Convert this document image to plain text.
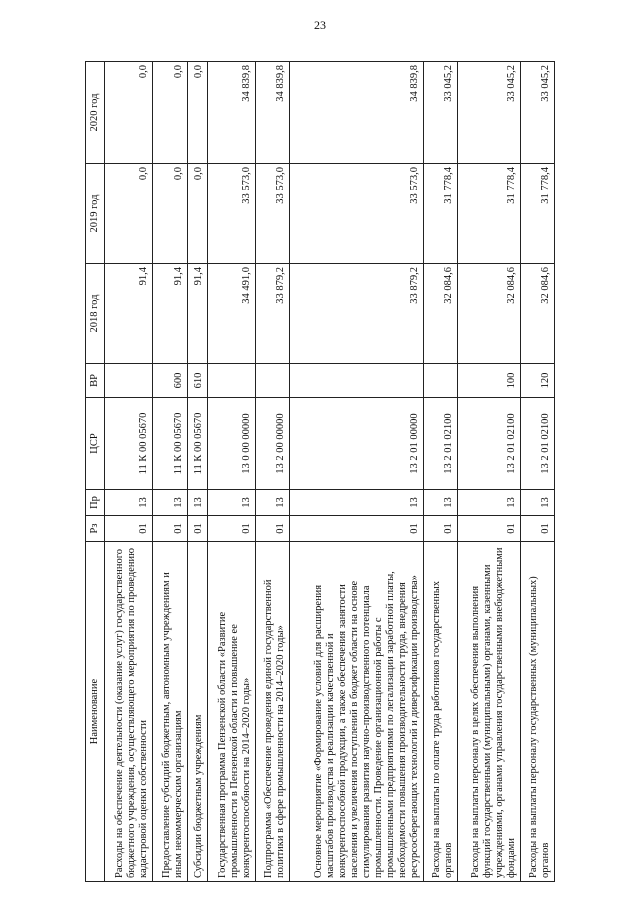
23
Наименование	Рз	Пр	ЦСР	ВР	2018 год	2019 год	2020 год
Расходы на обеспечение деятельности (оказание услуг) государственного бюджетного учреждения, осуществляющего мероприятия по проведению кадастровой оценки собственности	01	13	11 К 00 05670		91,4	0,0	0,0
Предоставление субсидий бюджетным, автономным учреждениям и иным некоммерческим организациям	01	13	11 К 00 05670	600	91,4	0,0	0,0
Субсидии бюджетным учреждениям	01	13	11 К 00 05670	610	91,4	0,0	0,0
Государственная программа Пензенской области «Развитие промышленности в Пензенской области и повышение ее конкурентоспособности на 2014–2020 годы»	01	13	13 0 00 00000		34 491,0	33 573,0	34 839,8
Подпрограмма «Обеспечение проведения единой государственной политики в сфере промышленности на 2014–2020 годы»	01	13	13 2 00 00000		33 879,2	33 573,0	34 839,8
Основное мероприятие «Формирование условий для расширения масштабов производства и реализации качественной и конкурентоспособной продукции, а также обеспечения занятости населения и увеличения поступлений в бюджет области на основе стимулирования развития научно-производственного потенциала промышленности. Проведение организационной работы с промышленными предприятиями по легализации заработной платы, необходимости повышения производительности труда, внедрения ресурсосберегающих технологий и диверсификации производства»	01	13	13 2 01 00000		33 879,2	33 573,0	34 839,8
Расходы на выплаты по оплате труда работников государственных органов	01	13	13 2 01 02100		32 084,6	31 778,4	33 045,2
Расходы на выплаты персоналу в целях обеспечения выполнения функций государственными (муниципальными) органами, казенными учреждениями, органами управления государственными внебюджетными фондами	01	13	13 2 01 02100	100	32 084,6	31 778,4	33 045,2
Расходы на выплаты персоналу государственных (муниципальных) органов	01	13	13 2 01 02100	120	32 084,6	31 778,4	33 045,2
